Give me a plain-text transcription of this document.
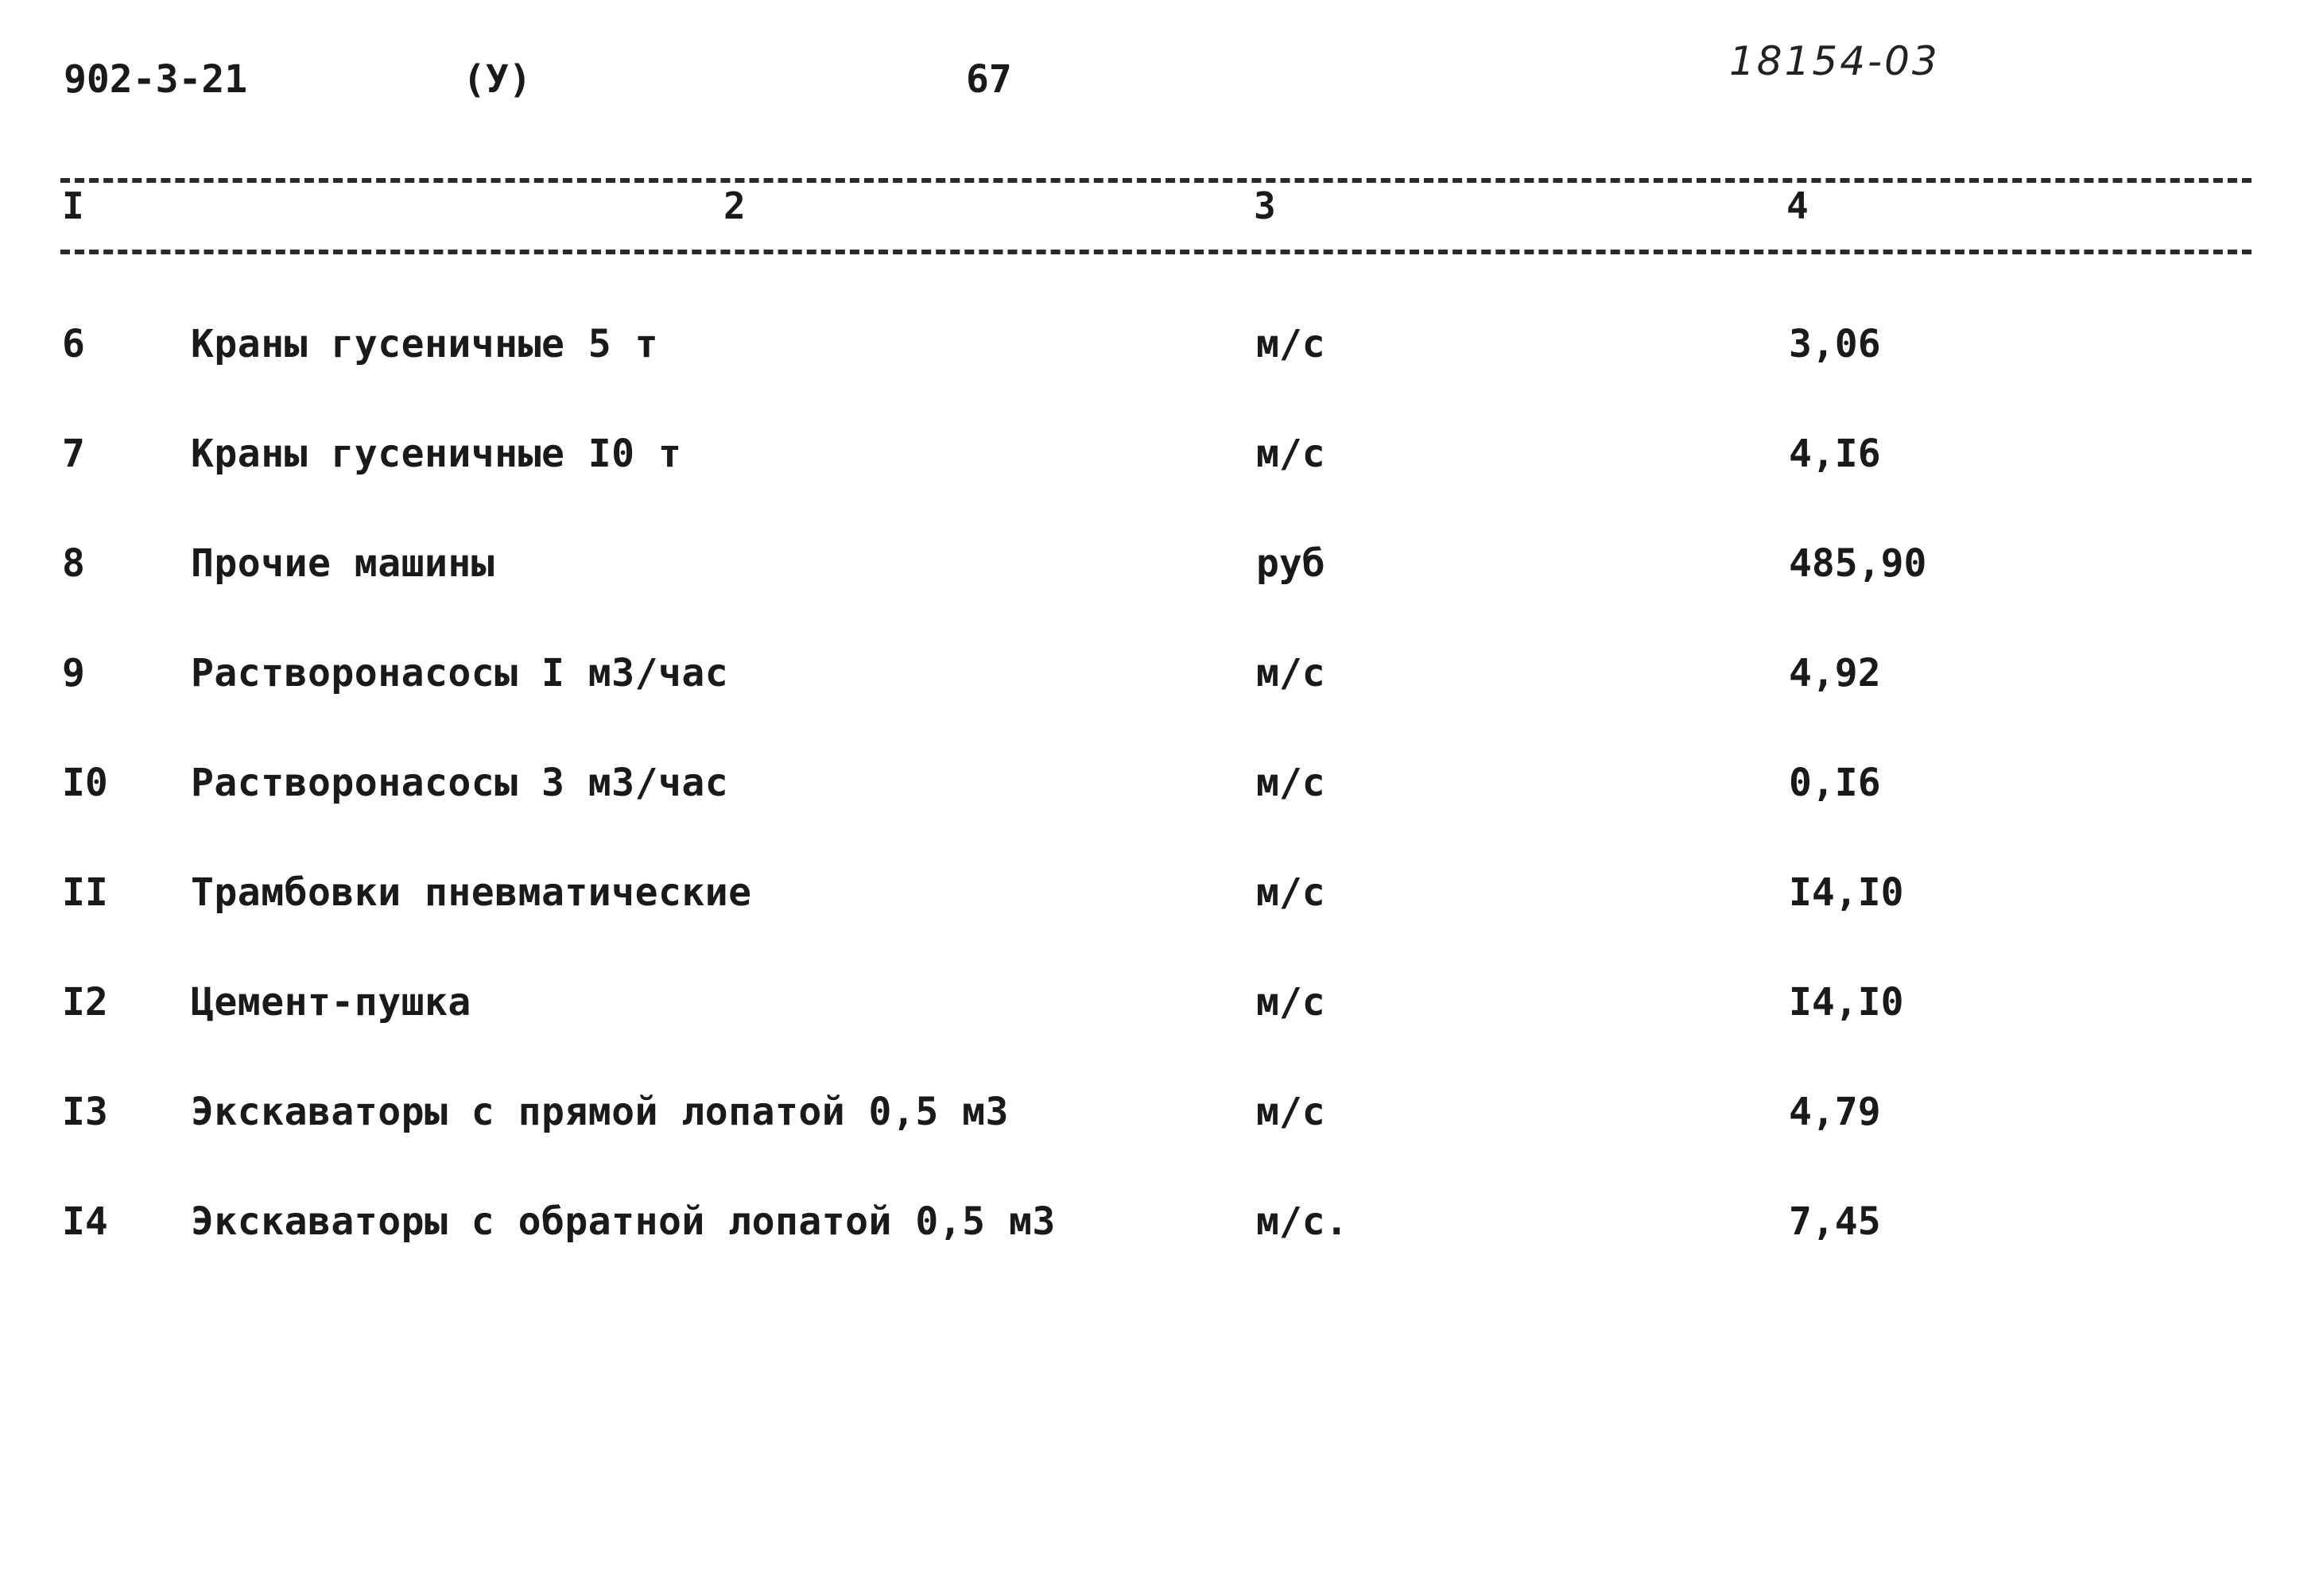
902-3-21	(У)	67	18154-03
I	2	3	4
6	Краны гусеничные 5 т	м/с	3,06
7	Краны гусеничные I0 т	м/с	4,I6
8	Прочие машины	руб	485,90
9	Растворонасосы I м3/час	м/с	4,92
I0 Растворонасосы 3 м3/час	м/с	0,I6
II Трамбовки пневматические	м/с	I4,I0
I2 Цемент-пушка	м/с	I4,I0
I3 Экскаваторы с прямой лопатой 0,5 м3	м/с	4,79
I4 Экскаваторы с обратной лопатой 0,5 м3	м/с.	7,45
